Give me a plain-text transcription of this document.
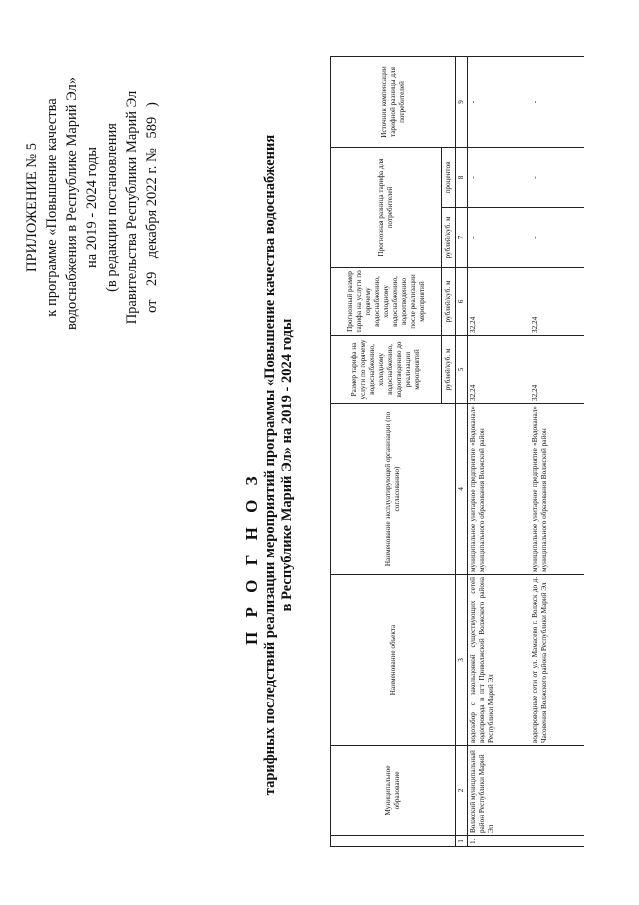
ПРИЛОЖЕНИЕ № 5 к программе «Повышение качества водоснабжения в Республике Марий Эл» на 2019 - 2024 годы (в редакции постановления Правительства Республики Марий Эл от 29 декабря 2022 г. № 589 )
П Р О Г Н О З тарифных последствий реализации мероприятий программы «Повышение качества водоснабжения в Республике Марий Эл» на 2019 - 2024 годы
	Муниципальное образование	Наименование объекта	Наименование эксплуатирующей организации (по согласованию)	Размер тарифа на услуги по горячему водоснабжению, холодному водоснабжению, водоотведению до реализации мероприятий	Прогнозный размер тарифа на услуги по горячему водоснабжению, холодному водоснабжению, водоотведению после реализации мероприятий	Прогнозная разница тарифа для потребителей		Источник компенсации тарифной разницы для потребителей
				рублей/куб. м	рублей/куб. м	рублей/куб. м	процентов	
1	2	3	4	5	6	7	8	9
1.	Волжский муниципальный район Республики Марий Эл	водозабор с закольцовкой существующих сетей водопровода в пгт Приволжский Волжского района Республики Марий Эл	муниципальное унитарное предприятие «Водоканал» муниципального образования Волжский район	32,24	32,24	-	-	-
		водопроводные сети от ул. Мамасево г. Волжск до д. Часовения Волжского района Республики Марий Эл	муниципальное унитарное предприятие «Водоканал» муниципального образования Волжский район	32,24	32,24	-	-	-
